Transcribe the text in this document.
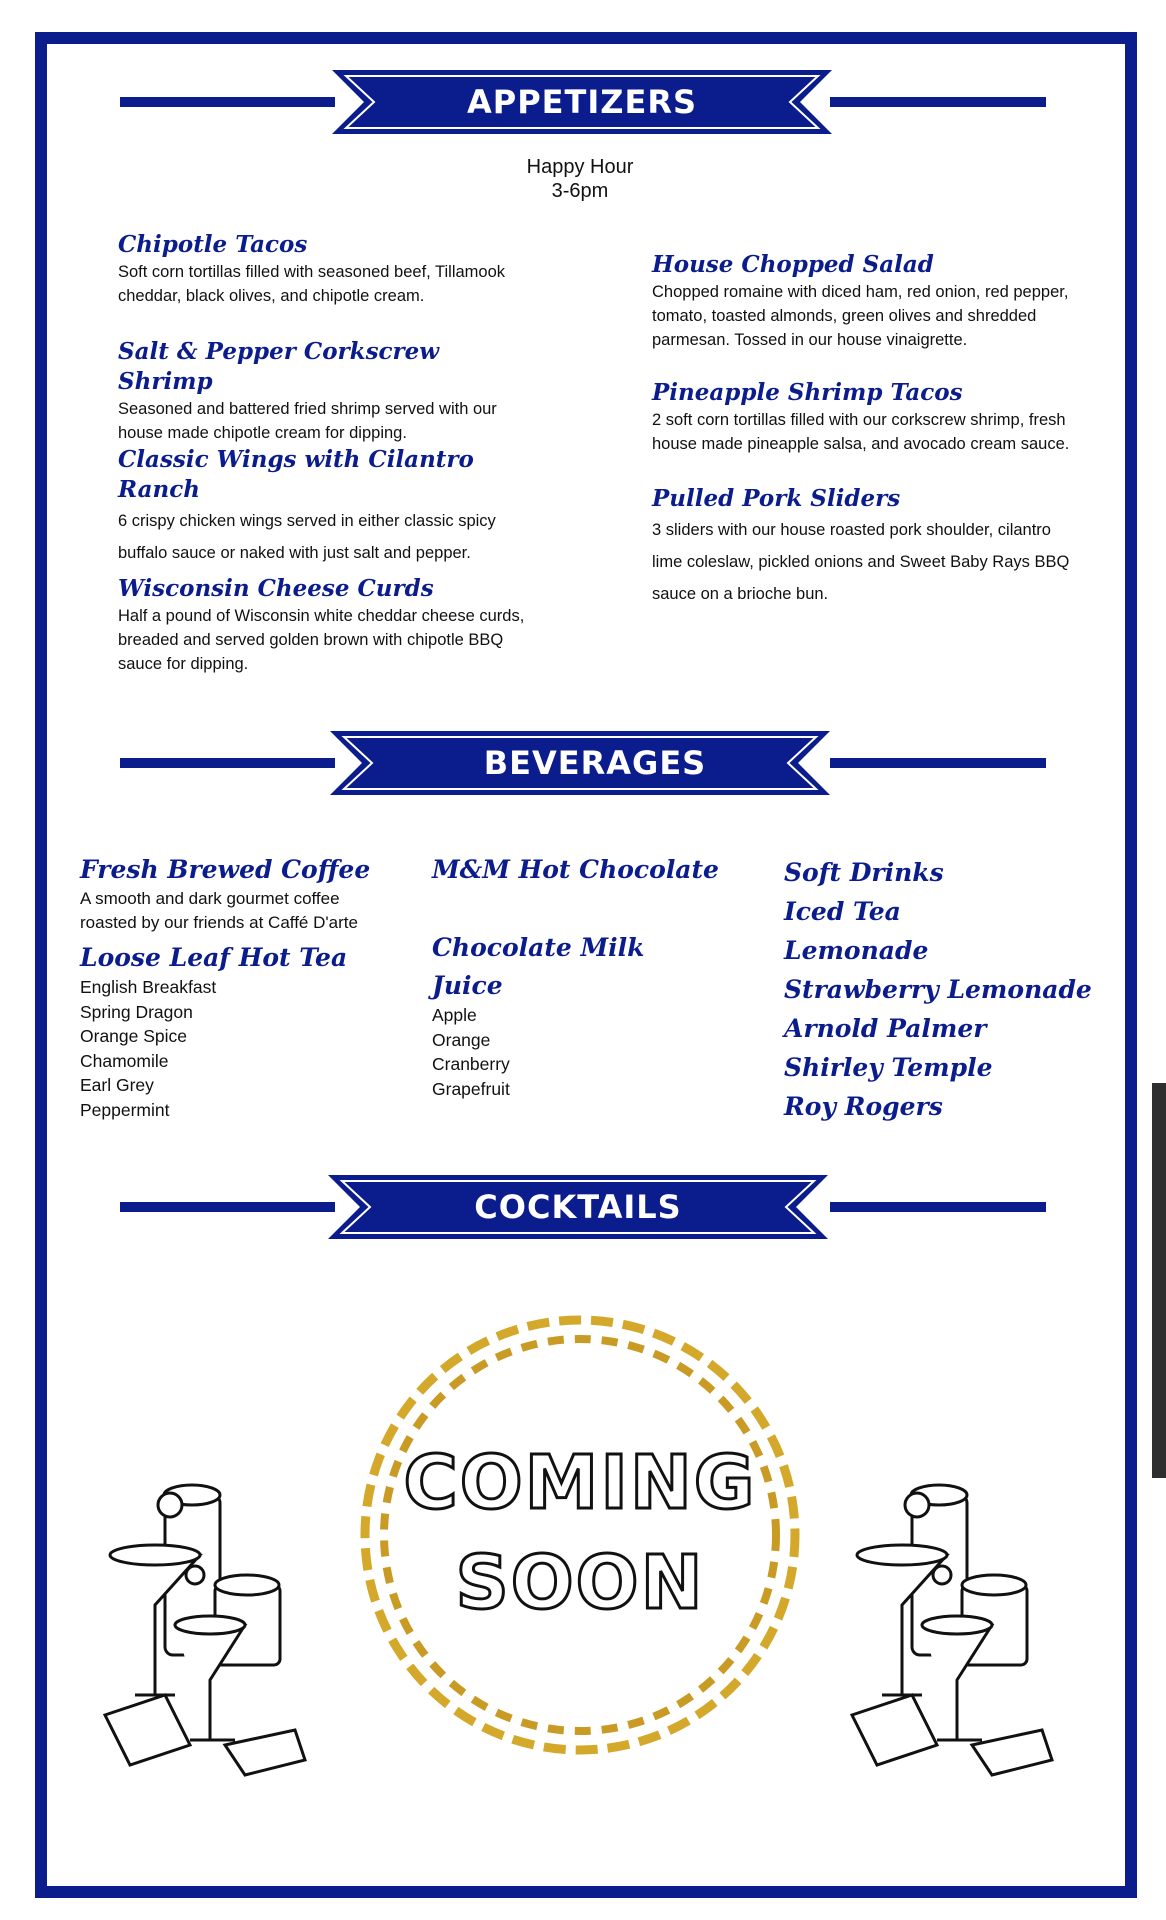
APPETIZERS
Happy Hour
3-6pm

Chipotle Tacos

Soft corn tortillas filled with seasoned beef, Tillamook cheddar, black olives, and chipotle cream.

Salt & Pepper Corkscrew Shrimp

Seasoned and battered fried shrimp served with our house made chipotle cream for dipping.

Classic Wings with Cilantro Ranch

6 crispy chicken wings served in either classic spicy buffalo sauce or naked with just salt and pepper.

Wisconsin Cheese Curds

Half a pound of Wisconsin white cheddar cheese curds, breaded and served golden brown with chipotle BBQ sauce for dipping.

House Chopped Salad

Chopped romaine with diced ham, red onion, red pepper, tomato, toasted almonds, green olives and shredded parmesan. Tossed in our house vinaigrette.

Pineapple Shrimp Tacos

2 soft corn tortillas filled with our corkscrew shrimp, fresh house made pineapple salsa, and avocado cream sauce.

Pulled Pork Sliders

3 sliders with our house roasted pork shoulder, cilantro lime coleslaw, pickled onions and Sweet Baby Rays BBQ sauce on a brioche bun.

BEVERAGES
Fresh Brewed Coffee

A smooth and dark gourmet coffee roasted by our friends at Caffé D'arte

Loose Leaf Hot Tea
English Breakfast
Spring Dragon
Orange Spice
Chamomile
Earl Grey
Peppermint
M&M Hot Chocolate
Chocolate Milk
Juice
Apple
Orange
Cranberry
Grapefruit
Soft Drinks
Iced Tea
Lemonade
Strawberry Lemonade
Arnold Palmer
Shirley Temple
Roy Rogers
COCKTAILS
COMING
SOON
